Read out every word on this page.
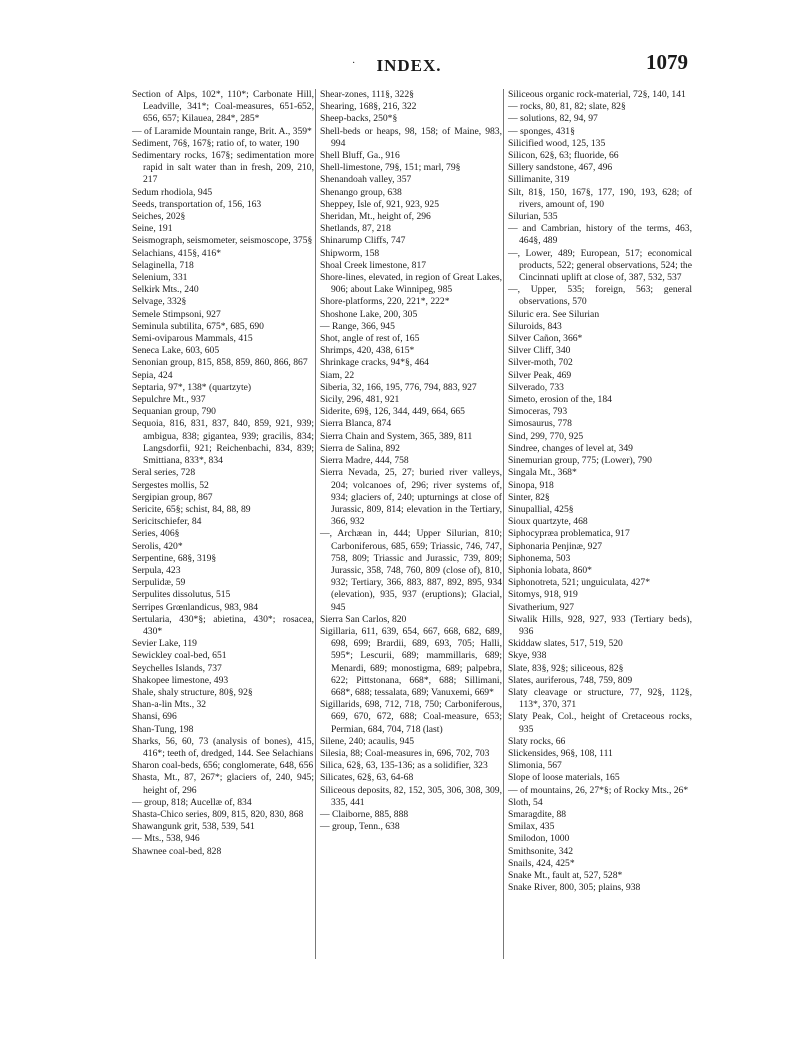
·	INDEX.	1079

Section of Alps, 102*, 110*; Carbonate Hill, Leadville, 341*; Coal-measures, 651-652, 656, 657; Kilauea, 284*, 285*

— of Laramide Mountain range, Brit. A., 359*

Sediment, 76§, 167§; ratio of, to water, 190

Sedimentary rocks, 167§; sedimentation more rapid in salt water than in fresh, 209, 210, 217

Sedum rhodiola, 945

Seeds, transportation of, 156, 163

Seiches, 202§

Seine, 191

Seismograph, seismometer, seismoscope, 375§

Selachians, 415§, 416*

Selaginella, 718

Selenium, 331

Selkirk Mts., 240

Selvage, 332§

Semele Stimpsoni, 927

Seminula subtilita, 675*, 685, 690

Semi-oviparous Mammals, 415

Seneca Lake, 603, 605

Senonian group, 815, 858, 859, 860, 866, 867

Sepia, 424

Septaria, 97*, 138* (quartzyte)

Sepulchre Mt., 937

Sequanian group, 790

Sequoia, 816, 831, 837, 840, 859, 921, 939; ambigua, 838; gigantea, 939; gracilis, 834; Langsdorfii, 921; Reichenbachi, 834, 839; Smittiana, 833*, 834

Seral series, 728

Sergestes mollis, 52

Sergipian group, 867

Sericite, 65§; schist, 84, 88, 89

Sericitschiefer, 84

Series, 406§

Serolis, 420*

Serpentine, 68§, 319§

Serpula, 423

Serpulidæ, 59

Serpulites dissolutus, 515

Serripes Grœnlandicus, 983, 984

Sertularia, 430*§; abietina, 430*; rosacea, 430*

Sevier Lake, 119

Sewickley coal-bed, 651

Seychelles Islands, 737

Shakopee limestone, 493

Shale, shaly structure, 80§, 92§

Shan-a-lin Mts., 32

Shansi, 696

Shan-Tung, 198

Sharks, 56, 60, 73 (analysis of bones), 415, 416*; teeth of, dredged, 144. See Selachians

Sharon coal-beds, 656; conglomerate, 648, 656

Shasta, Mt., 87, 267*; glaciers of, 240, 945; height of, 296

— group, 818; Aucellæ of, 834

Shasta-Chico series, 809, 815, 820, 830, 868

Shawangunk grit, 538, 539, 541

— Mts., 538, 946

Shawnee coal-bed, 828

Shear-zones, 111§, 322§

Shearing, 168§, 216, 322

Sheep-backs, 250*§

Shell-beds or heaps, 98, 158; of Maine, 983, 994

Shell Bluff, Ga., 916

Shell-limestone, 79§, 151; marl, 79§

Shenandoah valley, 357

Shenango group, 638

Sheppey, Isle of, 921, 923, 925

Sheridan, Mt., height of, 296

Shetlands, 87, 218

Shinarump Cliffs, 747

Shipworm, 158

Shoal Creek limestone, 817

Shore-lines, elevated, in region of Great Lakes, 906; about Lake Winnipeg, 985

Shore-platforms, 220, 221*, 222*

Shoshone Lake, 200, 305

— Range, 366, 945

Shot, angle of rest of, 165

Shrimps, 420, 438, 615*

Shrinkage cracks, 94*§, 464

Siam, 22

Siberia, 32, 166, 195, 776, 794, 883, 927

Sicily, 296, 481, 921

Siderite, 69§, 126, 344, 449, 664, 665

Sierra Blanca, 874

Sierra Chain and System, 365, 389, 811

Sierra de Salina, 892

Sierra Madre, 444, 758

Sierra Nevada, 25, 27; buried river valleys, 204; volcanoes of, 296; river systems of, 934; glaciers of, 240; upturnings at close of Jurassic, 809, 814; elevation in the Tertiary, 366, 932

—, Archæan in, 444; Upper Silurian, 810; Carboniferous, 685, 659; Triassic, 746, 747, 758, 809; Triassic and Jurassic, 739, 809; Jurassic, 358, 748, 760, 809 (close of), 810, 932; Tertiary, 366, 883, 887, 892, 895, 934 (elevation), 935, 937 (eruptions); Glacial, 945

Sierra San Carlos, 820

Sigillaria, 611, 639, 654, 667, 668, 682, 689, 698, 699; Brardii, 689, 693, 705; Halli, 595*; Lescurii, 689; mammillaris, 689; Menardi, 689; monostigma, 689; palpebra, 622; Pittstonana, 668*, 688; Sillimani, 668*, 688; tessalata, 689; Vanuxemi, 669*

Sigillarids, 698, 712, 718, 750; Carboniferous, 669, 670, 672, 688; Coal-measure, 653; Permian, 684, 704, 718 (last)

Silene, 240; acaulis, 945

Silesia, 88; Coal-measures in, 696, 702, 703

Silica, 62§, 63, 135-136; as a solidifier, 323

Silicates, 62§, 63, 64-68

Siliceous deposits, 82, 152, 305, 306, 308, 309, 335, 441

— Claiborne, 885, 888

— group, Tenn., 638

Siliceous organic rock-material, 72§, 140, 141

— rocks, 80, 81, 82; slate, 82§

— solutions, 82, 94, 97

— sponges, 431§

Silicified wood, 125, 135

Silicon, 62§, 63; fluoride, 66

Sillery sandstone, 467, 496

Sillimanite, 319

Silt, 81§, 150, 167§, 177, 190, 193, 628; of rivers, amount of, 190

Silurian, 535

— and Cambrian, history of the terms, 463, 464§, 489

—, Lower, 489; European, 517; economical products, 522; general observations, 524; the Cincinnati uplift at close of, 387, 532, 537

—, Upper, 535; foreign, 563; general observations, 570

Siluric era. See Silurian

Siluroids, 843

Silver Cañon, 366*

Silver Cliff, 340

Silver-moth, 702

Silver Peak, 469

Silverado, 733

Simeto, erosion of the, 184

Simoceras, 793

Simosaurus, 778

Sind, 299, 770, 925

Sindree, changes of level at, 349

Sinemurian group, 775; (Lower), 790

Singala Mt., 368*

Sinopa, 918

Sinter, 82§

Sinupallial, 425§

Sioux quartzyte, 468

Siphocypræa problematica, 917

Siphonaria Penjinæ, 927

Siphonema, 503

Siphonia lobata, 860*

Siphonotreta, 521; unguiculata, 427*

Sitomys, 918, 919

Sivatherium, 927

Siwalik Hills, 928, 927, 933 (Tertiary beds), 936

Skiddaw slates, 517, 519, 520

Skye, 938

Slate, 83§, 92§; siliceous, 82§

Slates, auriferous, 748, 759, 809

Slaty cleavage or structure, 77, 92§, 112§, 113*, 370, 371

Slaty Peak, Col., height of Cretaceous rocks, 935

Slaty rocks, 66

Slickensides, 96§, 108, 111

Slimonia, 567

Slope of loose materials, 165

— of mountains, 26, 27*§; of Rocky Mts., 26*

Sloth, 54

Smaragdite, 88

Smilax, 435

Smilodon, 1000

Smithsonite, 342

Snails, 424, 425*

Snake Mt., fault at, 527, 528*

Snake River, 800, 305; plains, 938
